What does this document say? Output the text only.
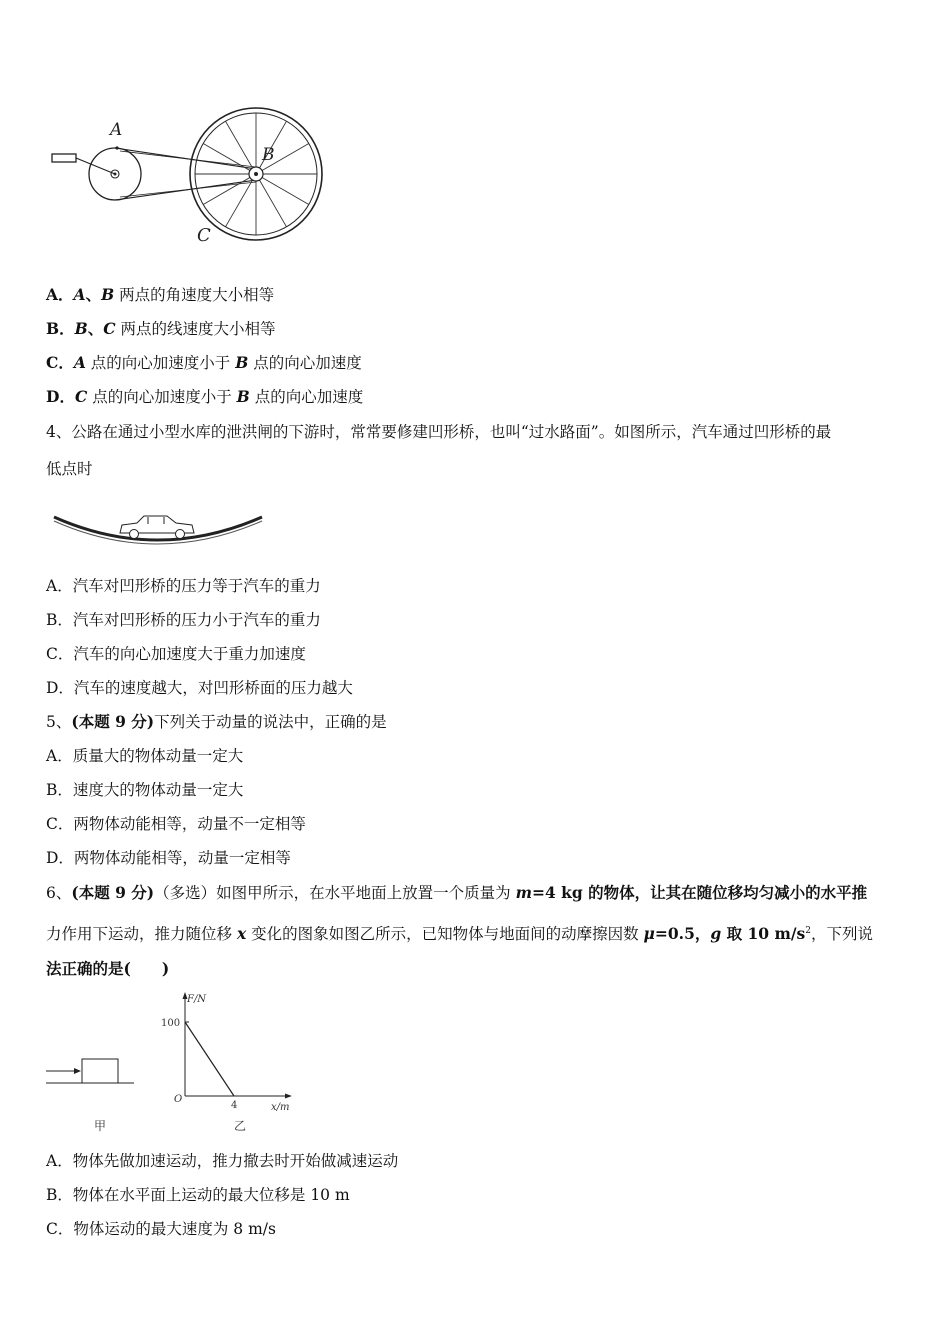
A
B
C
A．A、B 两点的角速度大小相等
B．B、C 两点的线速度大小相等
C．A 点的向心加速度小于 B 点的向心加速度
D．C 点的向心加速度小于 B 点的向心加速度
4、公路在通过小型水库的泄洪闸的下游时，常常要修建凹形桥，也叫“过水路面”。如图所示，汽车通过凹形桥的最
低点时
A．汽车对凹形桥的压力等于汽车的重力
B．汽车对凹形桥的压力小于汽车的重力
C．汽车的向心加速度大于重力加速度
D．汽车的速度越大，对凹形桥面的压力越大
5、(本题 9 分)下列关于动量的说法中，正确的是
A．质量大的物体动量一定大
B．速度大的物体动量一定大
C．两物体动能相等，动量不一定相等
D．两物体动能相等，动量一定相等
6、(本题 9 分)（多选）如图甲所示，在水平地面上放置一个质量为 m=4 kg 的物体，让其在随位移均匀减小的水平推
力作用下运动，推力随位移 x 变化的图象如图乙所示，已知物体与地面间的动摩擦因数 μ=0.5，g 取 10 $m/s^2$，下列说
法正确的是(　　)
甲
F/N
100
O
4	x/m
乙
A．物体先做加速运动，推力撤去时开始做减速运动
B．物体在水平面上运动的最大位移是 10 m
C．物体运动的最大速度为 8 m/s
